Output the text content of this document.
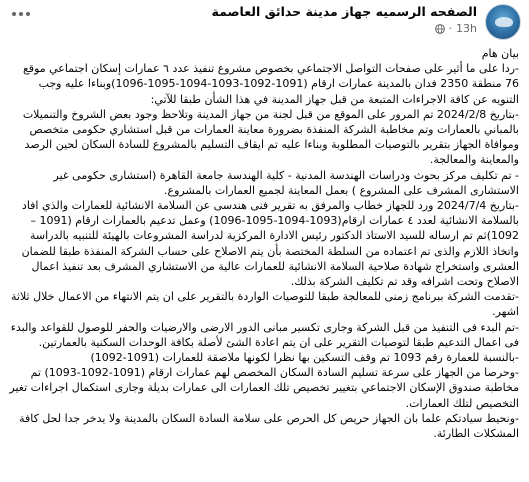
الصفحه الرسميه جهاز مدينة حدائق العاصمة
13h
·

بيان هام

-ردا على ما أثير على صفحات التواصل الاجتماعي بخصوص مشروع تنفيذ عدد ٦ عمارات إسكان اجتماعي موقع 76 منطقة 2350 فدان بالمدينة عمارات ارقام (1091-1092-1093-1094-1095-1096)وبناءا عليه وجب التنويه عن كافة الاجراءات المتبعة من قبل جهاز المدينة في هذا الشأن طبقا للآتي:

-بتاريخ 2024/2/8 تم المرور على الموقع من قبل لجنة من جهاز المدينة وتلاحظ وجود بعض الشروخ والتنميلات بالمباني بالعمارات وتم مخاطبة الشركة المنفذة بضرورة معاينة العمارات من قبل استشاري حكومى متخصص وموافاة الجهاز بتقرير بالتوصيات المطلوبة وبناءا عليه تم ايقاف التسليم بالمشروع للسادة السكان لحين الرصد والمعاينة والمعالجة.

- تم تكليف مركز بحوث ودراسات الهندسة المدنية - كلية الهندسة جامعة القاهرة (استشارى حكومى غير الاستشارى المشرف على المشروع ) بعمل المعاينة لجميع العمارات بالمشروع.

-بتاريخ 2024/7/4 ورد للجهاز خطاب والمرفق به تقرير فنى هندسى عن السلامة الانشائية للعمارات والذي افاد بالسلامة الانشائية لعدد ٤ عمارات ارقام(1093-1094-1095-1096) وعمل تدعيم بالعمارات ارقام (1091 – 1092)ثم تم ارساله للسيد الاستاذ الدكتور رئيس الادارة المركزية لدراسة المشروعات بالهيئة للتنبيه بالدراسة واتخاذ اللازم والذى تم اعتماده من السلطة المختصة بأن يتم الاصلاح على حساب الشركة المنفذة طبقا للضمان العشرى واستخراج شهادة صلاحية السلامة الانشائية للعمارات عالية من الاستشاري المشرف بعد تنفيذ اعمال الاصلاح وتحت اشرافه وقد تم تكليف الشركة بذلك.

-تقدمت الشركة ببرنامج زمنى للمعالجة طبقا للتوصيات الواردة بالتقرير على ان يتم الانتهاء من الاعمال خلال ثلاثة اشهر.

-تم البدء فى التنفيذ من قبل الشركة وجارى تكسير مبانى الدور الارضى والارضيات والحفر للوصول للقواعد والبدء فى اعمال التدعيم طبقا لتوصيات التقرير على ان يتم اعادة الشئ لأصلة بكافة الوحدات السكنية بالعمارتين.

-بالنسبة للعمارة رقم 1093 تم وقف التسكين بها نظرا لكونها ملاصقة للعمارات (1091-1092)

-وحرصا من الجهاز على سرعة تسليم السادة السكان المخصص لهم عمارات ارقام (1091-1092-1093) تم مخاطبة صندوق الإسكان الاجتماعي بتغيير تخصيص تلك العمارات الى عمارات بديلة وجارى استكمال اجراءات تغير التخصيص لتلك العمارات.

-ونحيط سيادتكم علما بان الجهاز حريص كل الحرص على سلامة السادة السكان بالمدينة ولا يدخر جدا لحل كافة المشكلات الطارئة.
